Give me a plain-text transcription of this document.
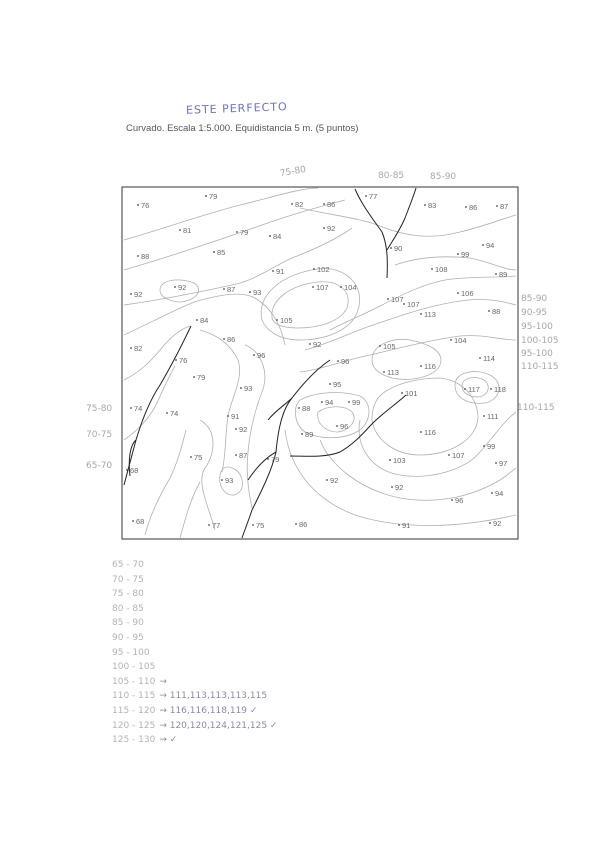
ESTE PERFECTO
Curvado. Escala 1:5.000. Equidistancia 5 m. (5 puntos)
75-80	80-85	85-90
75-80
70-75
65-70
85-90
90-95
95-100
100-105
95-100
110-115
110-115
76
79
82	86
77
83	86	87
81	79	84
92
90	94
99
88	85
91	102	108
89
92
92	87 93
107 104
107
106
107
113	88
84	105
86
82	92	105
104
76
96
96	114
116
113
79
93	95
117 118
101
74
74	91
88
94 99
111
92	96
89	116
99
75	87	79	103
107
97
68
93	92
92
94
96
68	77	75	86	91	92
65 - 70
70 - 75
75 - 80
80 - 85
85 - 90
90 - 95
95 - 100
100 - 105
105 - 110 →
110 - 115 → 111,113,113,113,115
115 - 120 → 116,116,118,119 ✓
120 - 125 → 120,120,124,121,125 ✓
125 - 130 → ✓
